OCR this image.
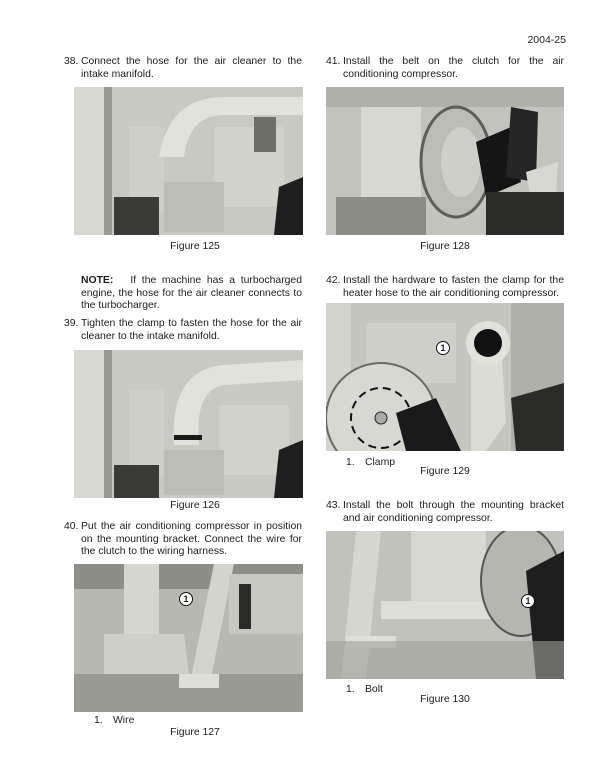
2004-25
38. Connect the hose for the air cleaner to the intake manifold.
Figure 125
NOTE: If the machine has a turbocharged engine, the hose for the air cleaner connects to the turbocharger.
39. Tighten the clamp to fasten the hose for the air cleaner to the intake manifold.
Figure 126
40. Put the air conditioning compressor in position on the mounting bracket. Connect the wire for the clutch to the wiring harness.
1
1. Wire
Figure 127
41. Install the belt on the clutch for the air conditioning compressor.
Figure 128
42. Install the hardware to fasten the clamp for the heater hose to the air conditioning compressor.
1
1. Clamp
Figure 129
43. Install the bolt through the mounting bracket and air conditioning compressor.
1
1. Bolt
Figure 130
